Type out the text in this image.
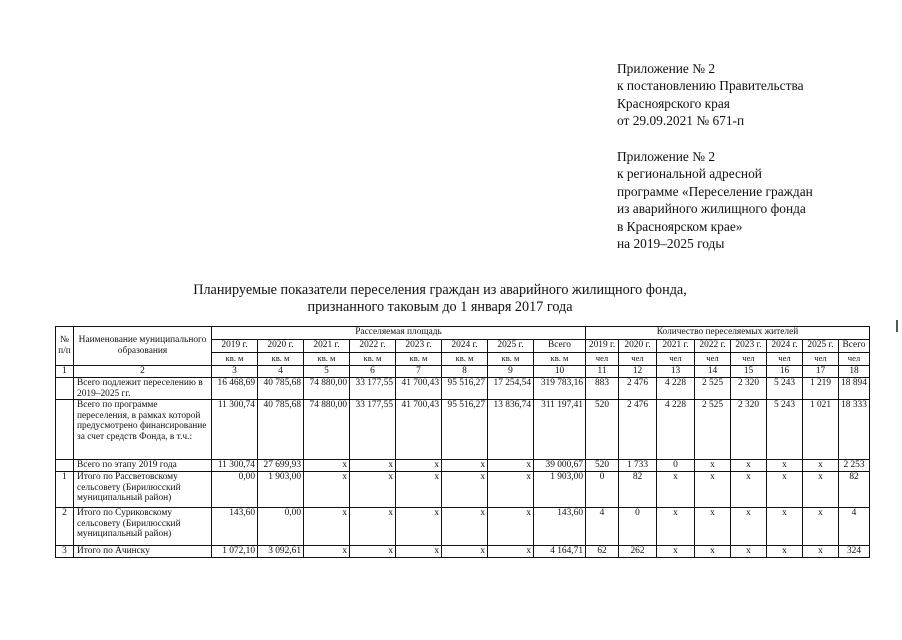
Приложение № 2
к постановлению Правительства
Красноярского края
от 29.09.2021 № 671-п
Приложение № 2
к региональной адресной
программе «Переселение граждан
из аварийного жилищного фонда
в Красноярском крае»
на 2019–2025 годы
Планируемые показатели переселения граждан из аварийного жилищного фонда,
признанного таковым до 1 января 2017 года
№ п/п	Наименование муниципального образования	Расселяемая площадь								Количество переселяемых жителей							
		2019 г.	2020 г.	2021 г.	2022 г.	2023 г.	2024 г.	2025 г.	Всего	2019 г.	2020 г.	2021 г.	2022 г.	2023 г.	2024 г.	2025 г.	Всего
		кв. м	кв. м	кв. м	кв. м	кв. м	кв. м	кв. м	кв. м	чел	чел	чел	чел	чел	чел	чел	чел
1	2	3	4	5	6	7	8	9	10	11	12	13	14	15	16	17	18
	Всего подлежит переселению в 2019–2025 гг.	16 468,69	40 785,68	74 880,00	33 177,55	41 700,43	95 516,27	17 254,54	319 783,16	883	2 476	4 228	2 525	2 320	5 243	1 219	18 894
	Всего по программе переселения, в рамках которой предусмотрено финансирование за счет средств Фонда, в т.ч.:	11 300,74	40 785,68	74 880,00	33 177,55	41 700,43	95 516,27	13 836,74	311 197,41	520	2 476	4 228	2 525	2 320	5 243	1 021	18 333
	Всего по этапу 2019 года	11 300,74	27 699,93	x	x	x	x	x	39 000,67	520	1 733	0	x	x	x	x	2 253
1	Итого по Рассветовскому сельсовету (Бирилюсский муниципальный район)	0,00	1 903,00	x	x	x	x	x	1 903,00	0	82	x	x	x	x	x	82
2	Итого по Суриковскому сельсовету (Бирилюсский муниципальный район)	143,60	0,00	x	x	x	x	x	143,60	4	0	x	x	x	x	x	4
3	Итого по Ачинску	1 072,10	3 092,61	x	x	x	x	x	4 164,71	62	262	x	x	x	x	x	324
